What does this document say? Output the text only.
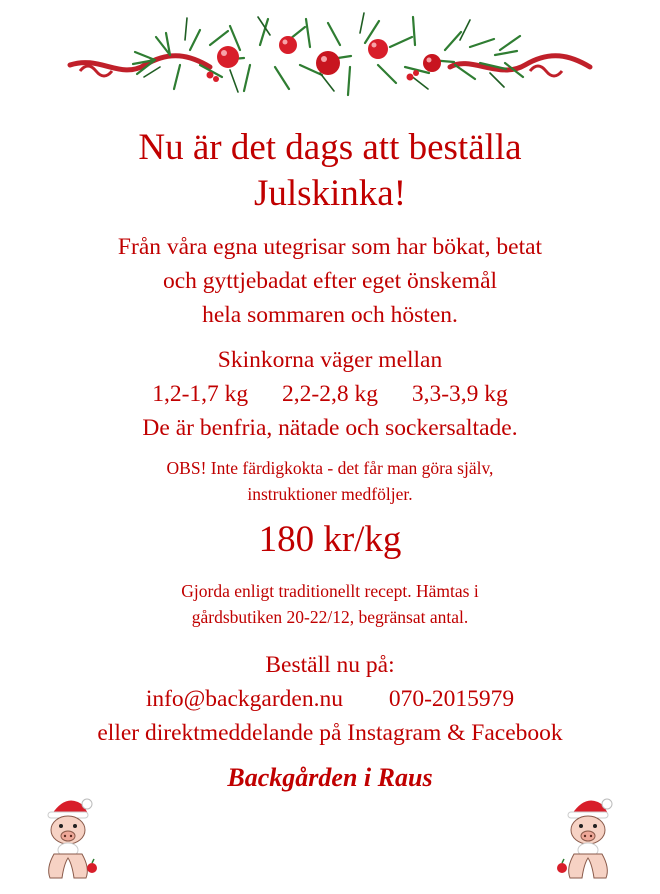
Nu är det dags att beställa
Julskinka!
Från våra egna utegrisar som har bökat, betat
och gyttjebadat efter eget önskemål
hela sommaren och hösten.
Skinkorna väger mellan
1,2-1,7 kg 2,2-2,8 kg 3,3-3,9 kg
De är benfria, nätade och sockersaltade.
OBS! Inte färdigkokta - det får man göra själv,
instruktioner medföljer.
180 kr/kg
Gjorda enligt traditionellt recept. Hämtas i
gårdsbutiken 20-22/12, begränsat antal.
Beställ nu på:
info@backgarden.nu 070-2015979
eller direktmeddelande på Instagram & Facebook
Backgården i Raus
